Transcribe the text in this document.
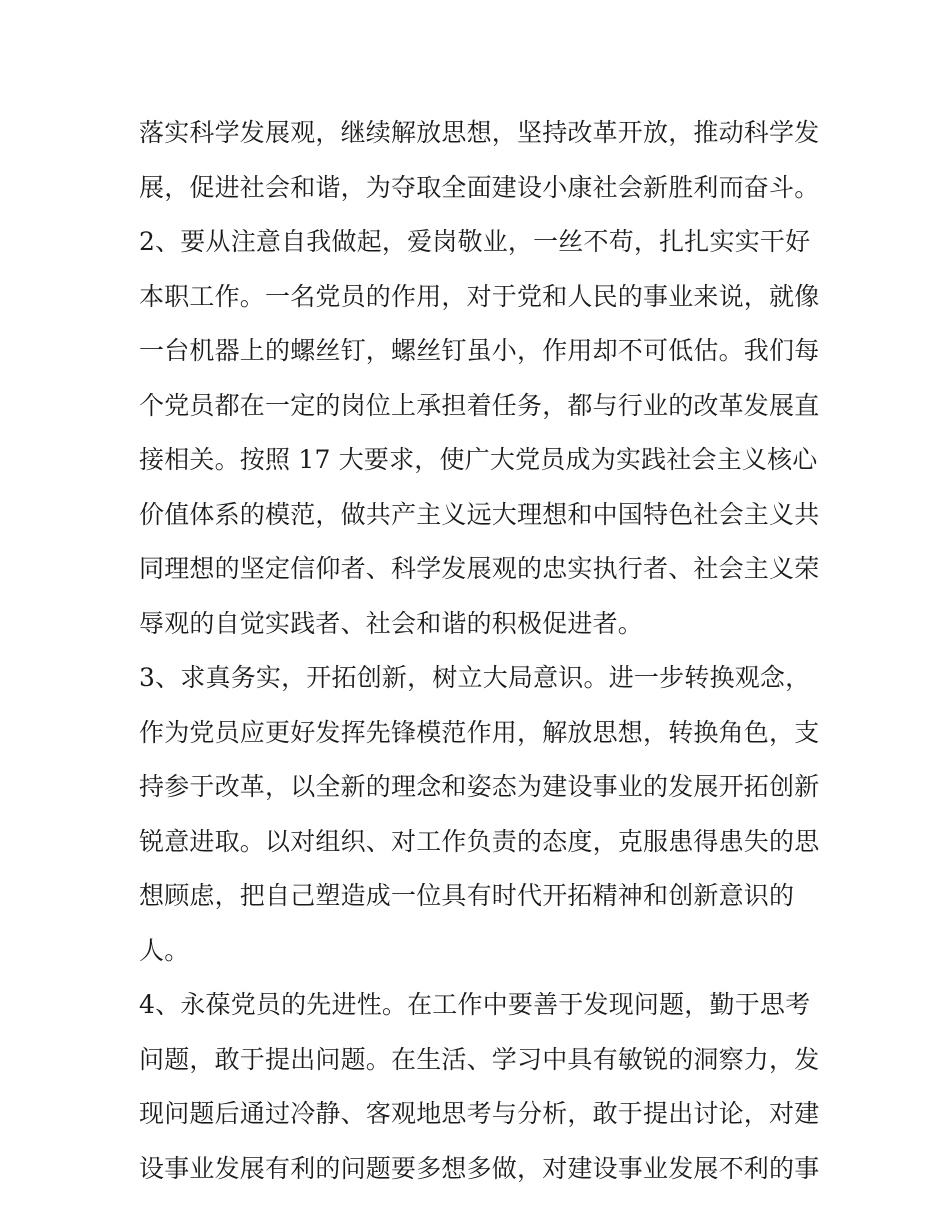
落实科学发展观，继续解放思想，坚持改革开放，推动科学发
展，促进社会和谐，为夺取全面建设小康社会新胜利而奋斗。
2、要从注意自我做起，爱岗敬业，一丝不苟，扎扎实实干好
本职工作。一名党员的作用，对于党和人民的事业来说，就像
一台机器上的螺丝钉，螺丝钉虽小，作用却不可低估。我们每
个党员都在一定的岗位上承担着任务，都与行业的改革发展直
接相关。按照 17 大要求，使广大党员成为实践社会主义核心
价值体系的模范，做共产主义远大理想和中国特色社会主义共
同理想的坚定信仰者、科学发展观的忠实执行者、社会主义荣
辱观的自觉实践者、社会和谐的积极促进者。
3、求真务实，开拓创新，树立大局意识。进一步转换观念，
作为党员应更好发挥先锋模范作用，解放思想，转换角色，支
持参于改革，以全新的理念和姿态为建设事业的发展开拓创新
锐意进取。以对组织、对工作负责的态度，克服患得患失的思
想顾虑，把自己塑造成一位具有时代开拓精神和创新意识的
人。
4、永葆党员的先进性。在工作中要善于发现问题，勤于思考
问题，敢于提出问题。在生活、学习中具有敏锐的洞察力，发
现问题后通过冷静、客观地思考与分析，敢于提出讨论，对建
设事业发展有利的问题要多想多做，对建设事业发展不利的事
